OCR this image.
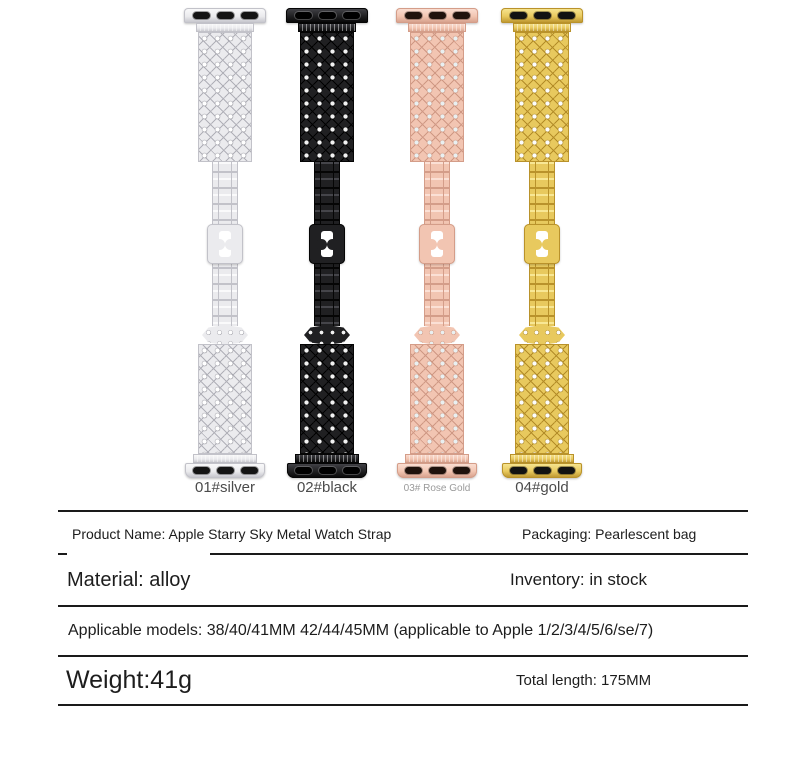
01#silver	02#black	03# Rose Gold	04#gold
Product Name: Apple Starry Sky Metal Watch Strap	Packaging: Pearlescent bag
Material: alloy	Inventory: in stock
Applicable models: 38/40/41MM 42/44/45MM (applicable to Apple 1/2/3/4/5/6/se/7)
Weight:41g	Total length: 175MM
